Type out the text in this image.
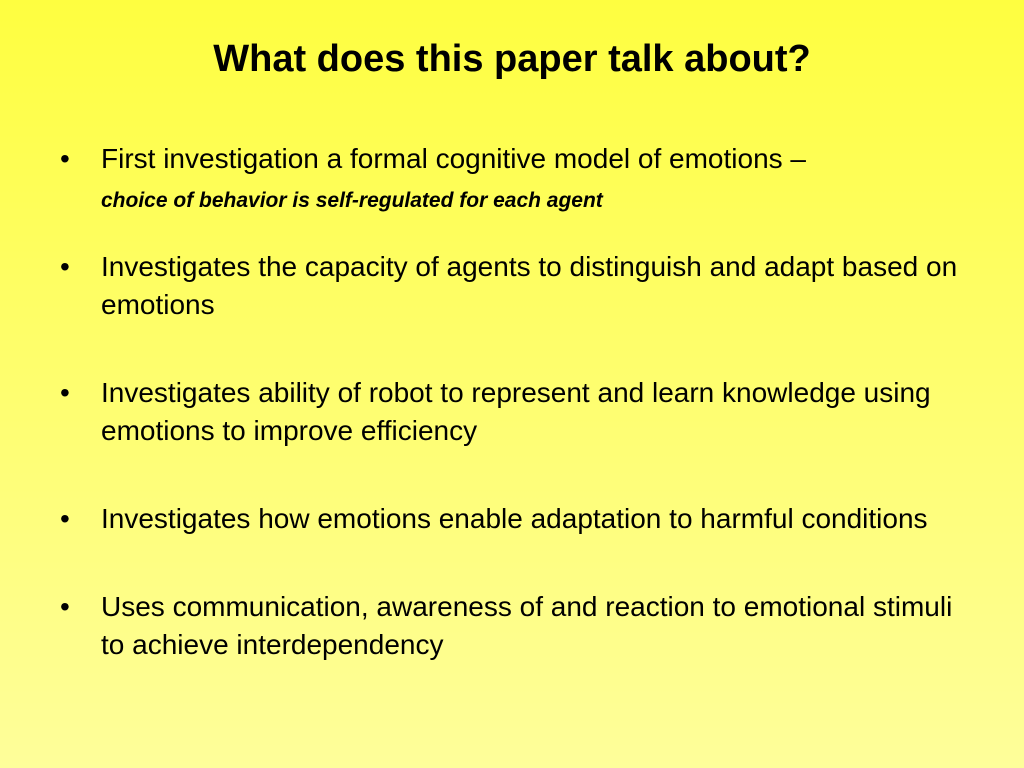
What does this paper talk about?
•	First investigation a formal cognitive model of emotions –
choice of behavior is self-regulated for each agent
•	Investigates the capacity of agents to distinguish and adapt based on emotions
•	Investigates ability of robot to represent and learn knowledge using emotions to improve efficiency
•	Investigates how emotions enable adaptation to harmful conditions
•	Uses communication, awareness of and reaction to emotional stimuli to achieve interdependency
